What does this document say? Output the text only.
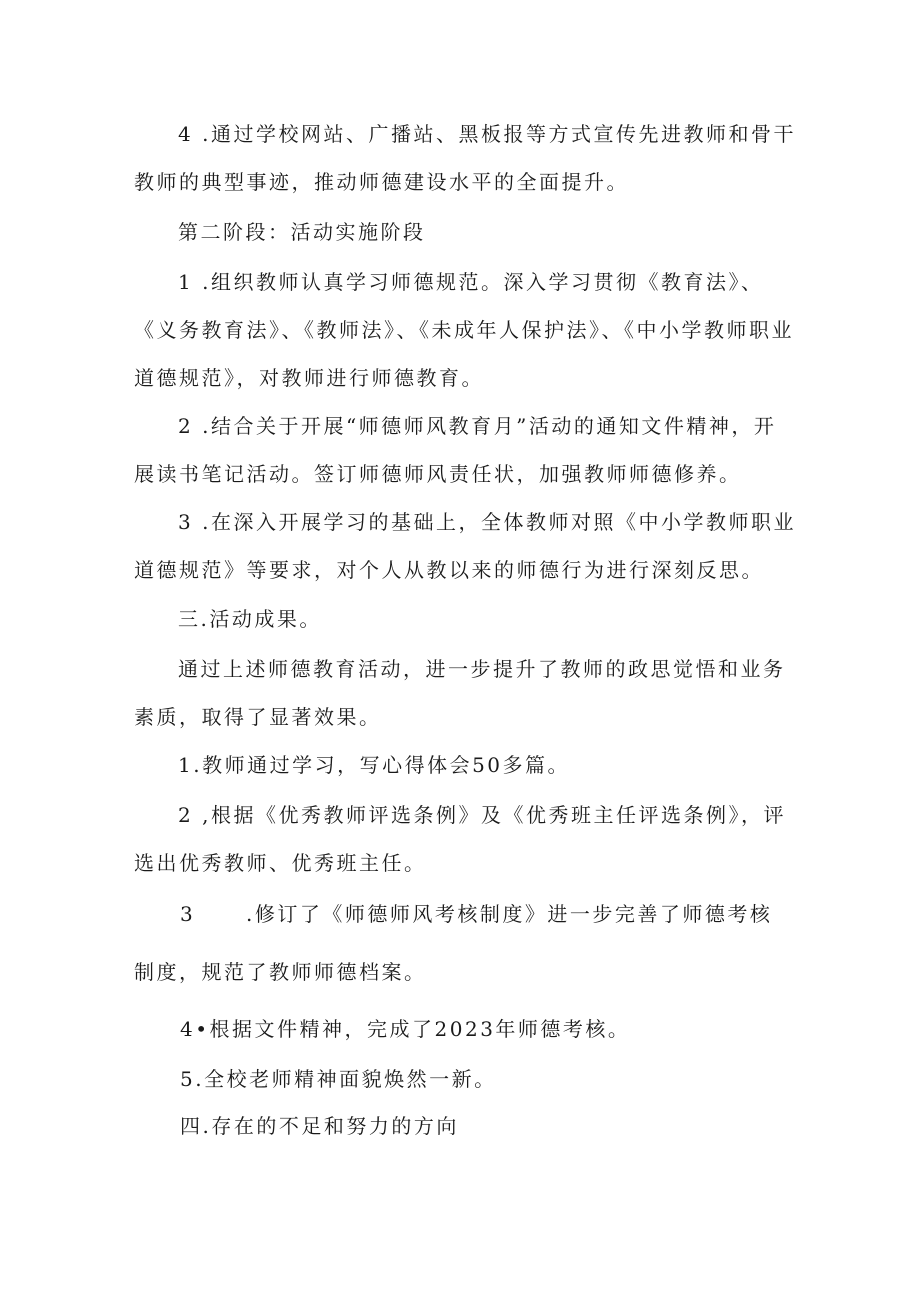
4 .通过学校网站、广播站、黑板报等方式宣传先进教师和骨干教师的典型事迹，推动师德建设水平的全面提升。

第二阶段：活动实施阶段

1 .组织教师认真学习师德规范。深入学习贯彻《教育法》、《义务教育法》、《教师法》、《未成年人保护法》、《中小学教师职业道德规范》，对教师进行师德教育。

2 .结合关于开展“师德师风教育月”活动的通知文件精神，开展读书笔记活动。签订师德师风责任状，加强教师师德修养。

3 .在深入开展学习的基础上，全体教师对照《中小学教师职业道德规范》等要求，对个人从教以来的师德行为进行深刻反思。

三.活动成果。

通过上述师德教育活动，进一步提升了教师的政思觉悟和业务素质，取得了显著效果。

1.教师通过学习，写心得体会50多篇。

2 ,根据《优秀教师评选条例》及《优秀班主任评选条例》，评选出优秀教师、优秀班主任。

3	.修订了《师德师风考核制度》进一步完善了师德考核
制度，规范了教师师德档案。
4•根据文件精神，完成了2023年师德考核。
5.全校老师精神面貌焕然一新。
四.存在的不足和努力的方向
